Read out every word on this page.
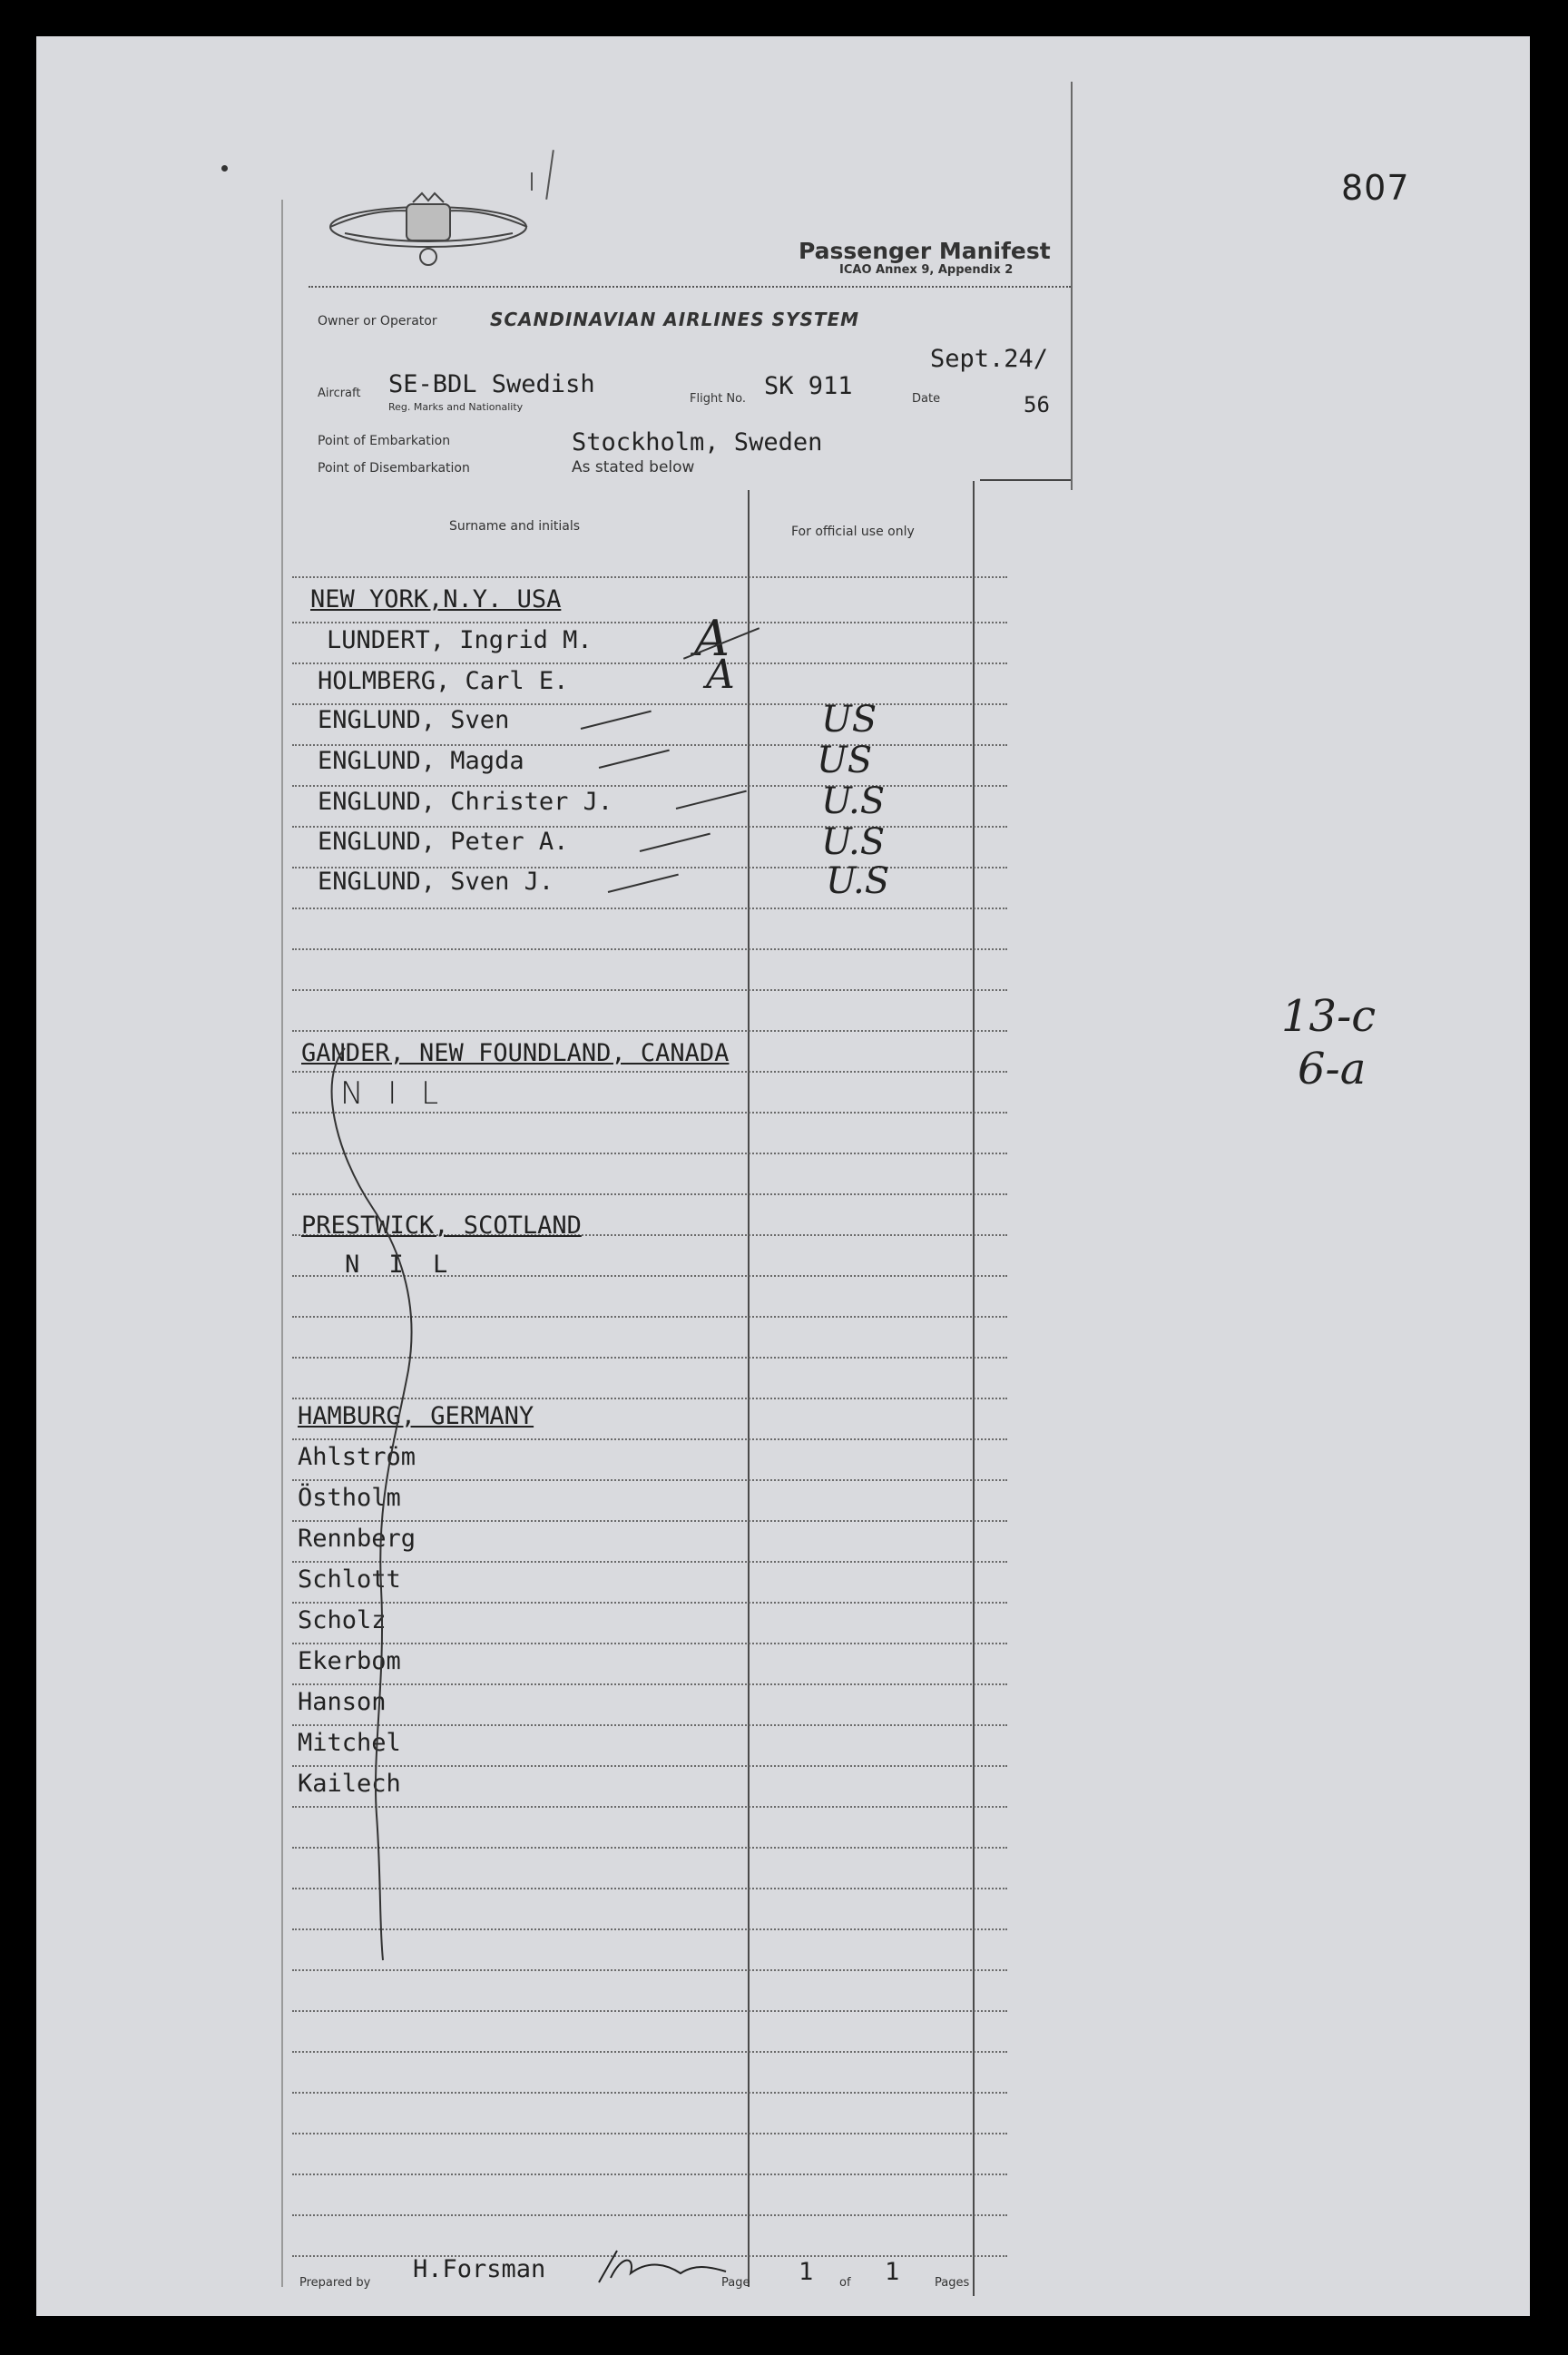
807
Passenger Manifest
ICAO Annex 9, Appendix 2
Owner or Operator	SCANDINAVIAN AIRLINES SYSTEM
Sept.24/
56
Aircraft SE-BDL Swedish
Reg. Marks and Nationality
Flight No. SK 911	Date
Point of Embarkation	Stockholm, Sweden
Point of Disembarkation	As stated below
Surname and initials	For official use only
NEW YORK,N.Y. USA
LUNDERT, Ingrid M. A
HOLMBERG, Carl E.	A
ENGLUND, Sven	US
ENGLUND, Magda	US
ENGLUND, Christer J.	U.S
ENGLUND, Peter A.	U.S
ENGLUND, Sven J.	U.S
GANDER, NEW FOUNDLAND, CANADA
N I L
PRESTWICK, SCOTLAND
N I L
HAMBURG, GERMANY
Ahlström
Östholm
Rennberg
Schlott
Scholz
Ekerbom
Hanson
Mitchel
Kailech
Prepared by H.Forsman	Page 1 of 1	Pages
13-c
6-a
